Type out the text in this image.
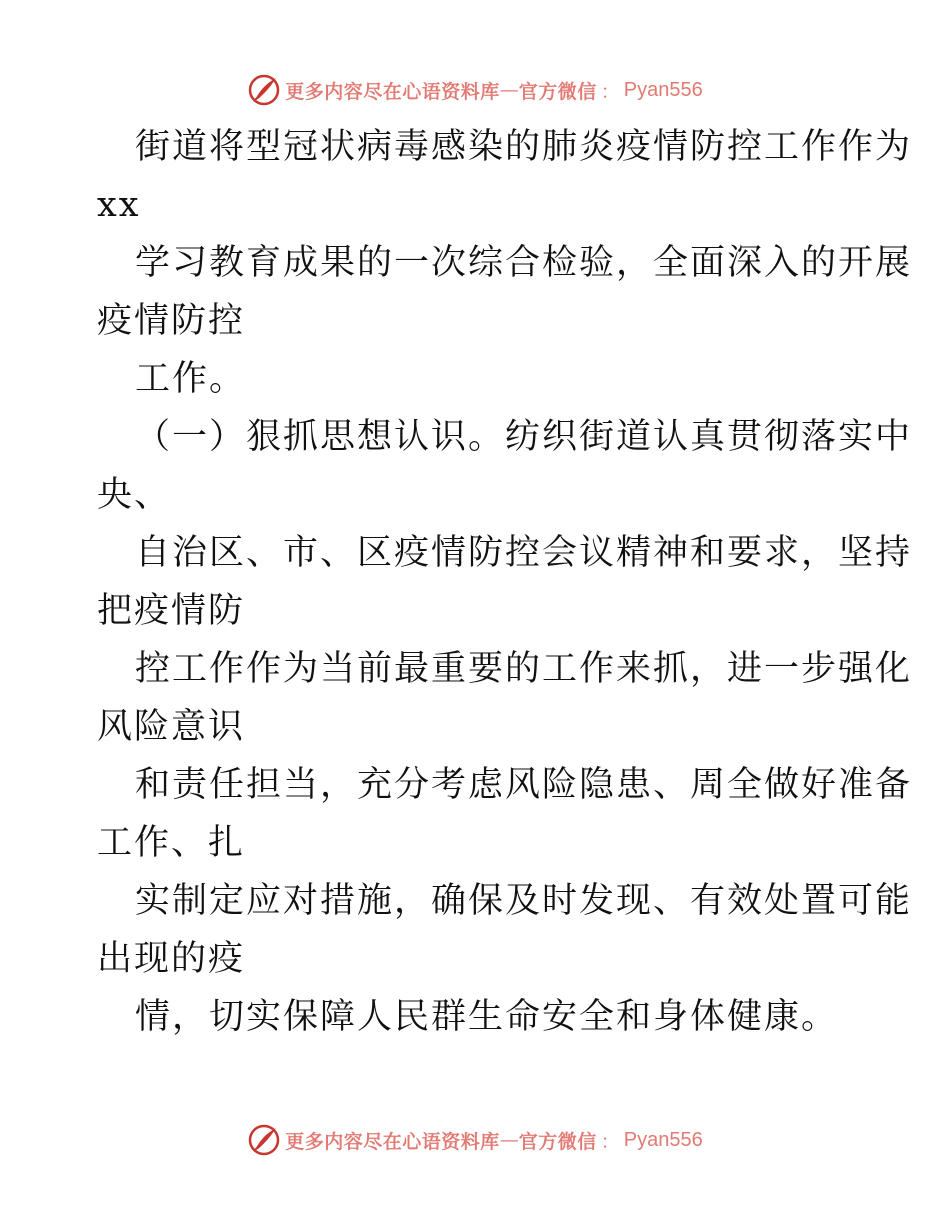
更多内容尽在心语资料库 — 官方微信 ： Pyan556
街道将型冠状病毒感染的肺炎疫情防控工作作为
xx
学习教育成果的一次综合检验，全面深入的开展
疫情防控
工作。
（一）狠抓思想认识。纺织街道认真贯彻落实中
央、
自治区、市、区疫情防控会议精神和要求，坚持
把疫情防
控工作作为当前最重要的工作来抓，进一步强化
风险意识
和责任担当，充分考虑风险隐患、周全做好准备
工作、扎
实制定应对措施，确保及时发现、有效处置可能
出现的疫
情，切实保障人民群生命安全和身体健康。
更多内容尽在心语资料库 — 官方微信 ： Pyan556
